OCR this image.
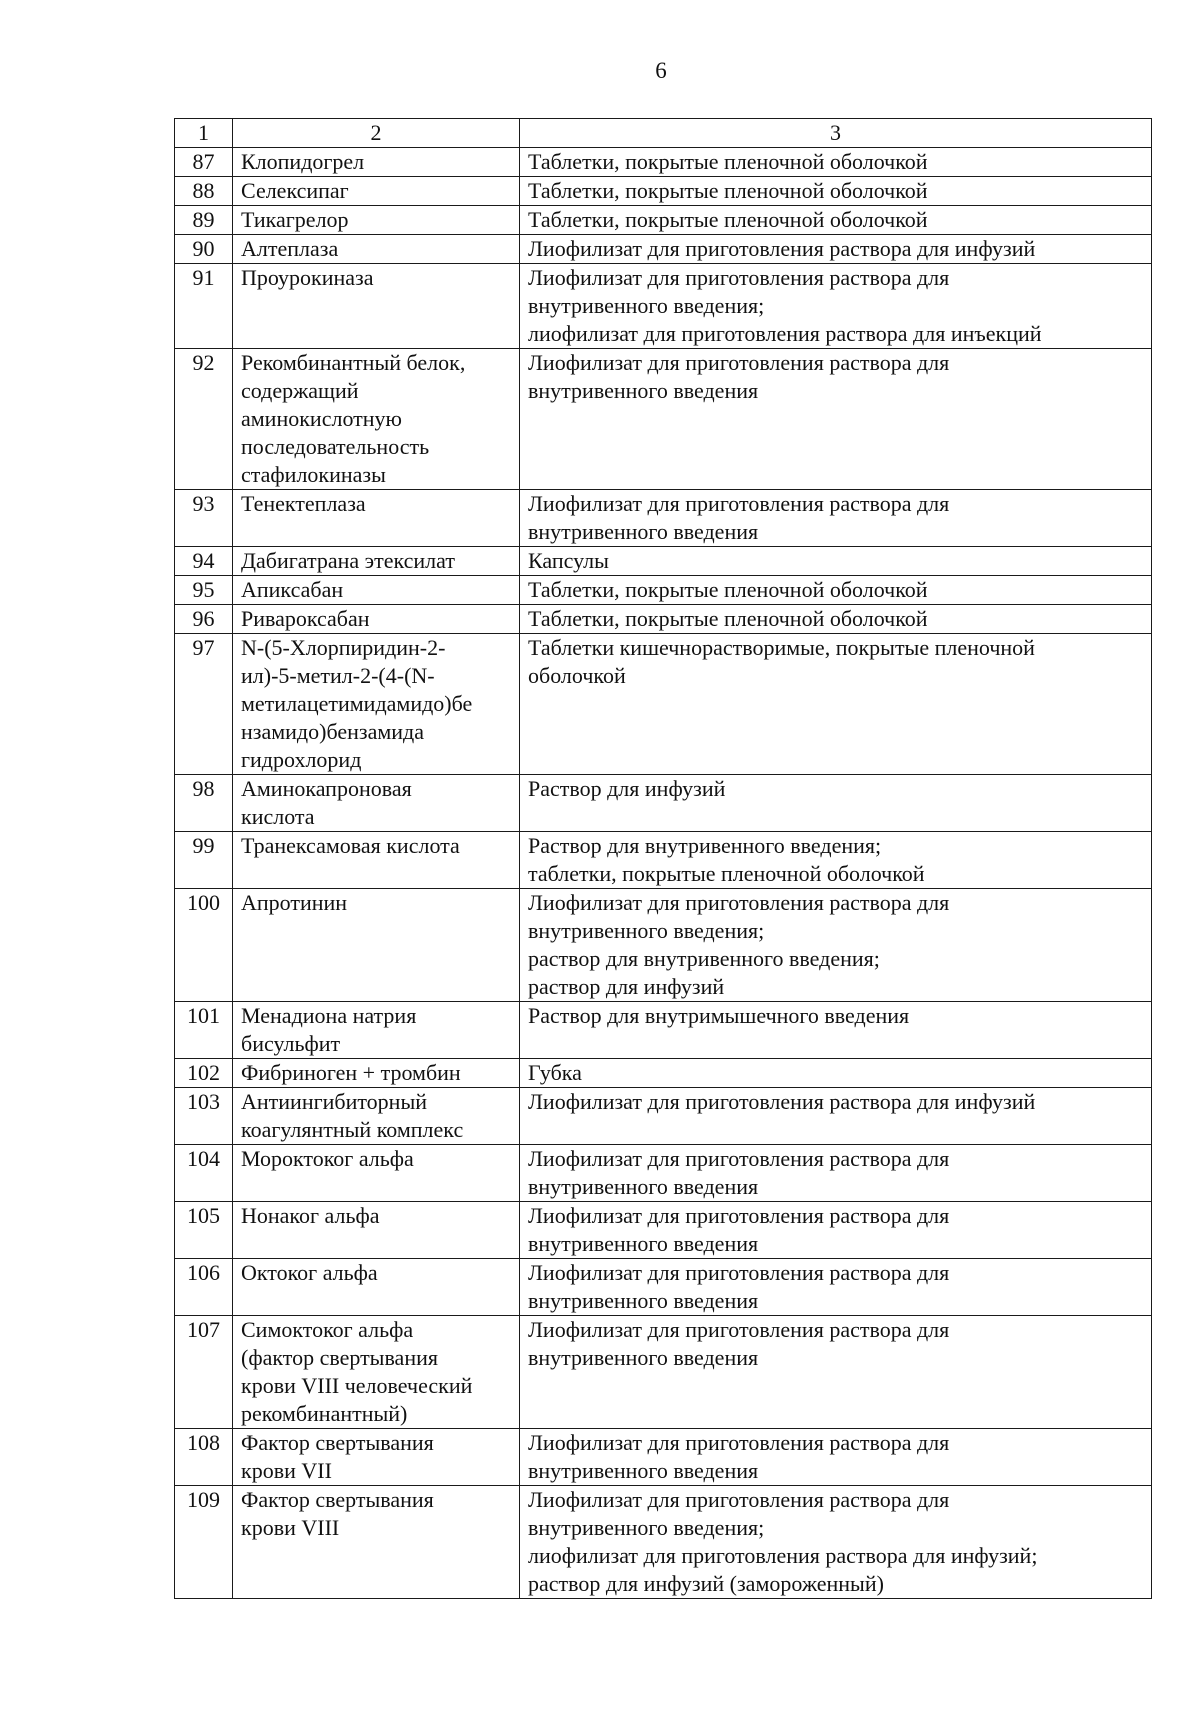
6
1	2	3
87	Клопидогрел	Таблетки, покрытые пленочной оболочкой

88	Селексипаг	Таблетки, покрытые пленочной оболочкой

89	Тикагрелор	Таблетки, покрытые пленочной оболочкой

90	Алтеплаза	Лиофилизат для приготовления раствора для инфузий

91	Проурокиназа	Лиофилизат для приготовления раствора для
внутривенного введения;
лиофилизат для приготовления раствора для инъекций

92	Рекомбинантный белок,
содержащий
аминокислотную
последовательность
стафилокиназы	Лиофилизат для приготовления раствора для
внутривенного введения

93	Тенектеплаза	Лиофилизат для приготовления раствора для
внутривенного введения

94	Дабигатрана этексилат	Капсулы

95	Апиксабан	Таблетки, покрытые пленочной оболочкой

96	Ривароксабан	Таблетки, покрытые пленочной оболочкой

97	N-(5-Хлорпиридин-2-
ил)-5-метил-2-(4-(N-
метилацетимидамидо)бе
нзамидо)бензамида
гидрохлорид	Таблетки кишечнорастворимые, покрытые пленочной
оболочкой

98	Аминокапроновая
кислота	Раствор для инфузий

99	Транексамовая кислота	Раствор для внутривенного введения;
таблетки, покрытые пленочной оболочкой

100	Апротинин	Лиофилизат для приготовления раствора для
внутривенного введения;
раствор для внутривенного введения;
раствор для инфузий

101	Менадиона натрия
бисульфит	Раствор для внутримышечного введения

102	Фибриноген + тромбин	Губка

103	Антиингибиторный
коагулянтный комплекс	Лиофилизат для приготовления раствора для инфузий

104	Мороктоког альфа	Лиофилизат для приготовления раствора для
внутривенного введения

105	Нонаког альфа	Лиофилизат для приготовления раствора для
внутривенного введения

106	Октоког альфа	Лиофилизат для приготовления раствора для
внутривенного введения

107	Симоктоког альфа
(фактор свертывания
крови VIII человеческий
рекомбинантный)	Лиофилизат для приготовления раствора для
внутривенного введения

108	Фактор свертывания
крови VII	Лиофилизат для приготовления раствора для
внутривенного введения

109	Фактор свертывания
крови VIII	Лиофилизат для приготовления раствора для
внутривенного введения;
лиофилизат для приготовления раствора для инфузий;
раствор для инфузий (замороженный)
